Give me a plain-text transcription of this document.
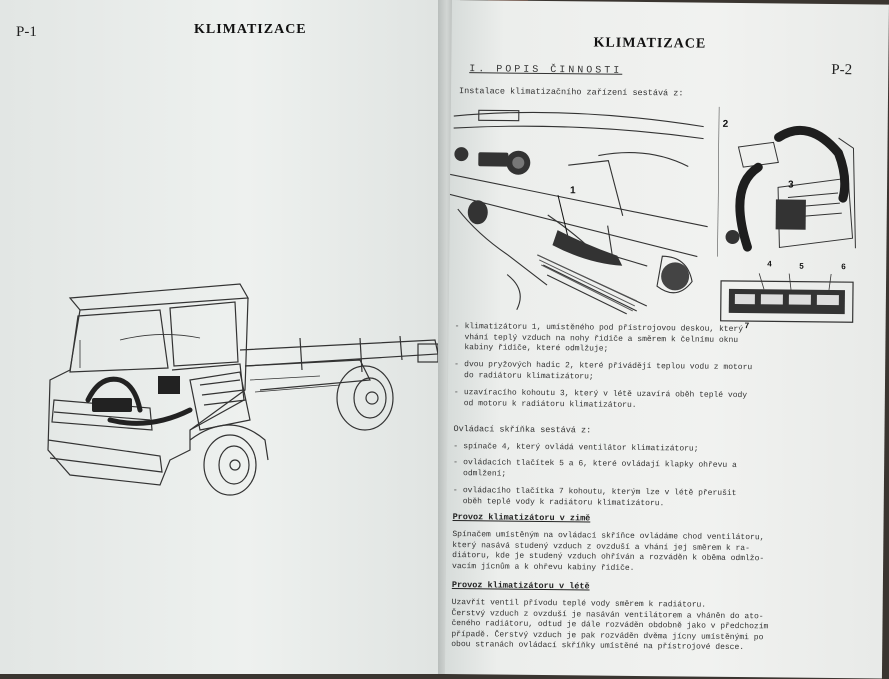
P-1	KLIMATIZACE
KLIMATIZACE
P-2
I. POPIS ČINNOSTI
Instalace klimatizačního zařízení sestává z:
1
2
3
4	5	6
7
- klimatizátoru 1, umístěného pod přístrojovou deskou, který
vhání teplý vzduch na nohy řidiče a směrem k čelnímu oknu
kabiny řidiče, které odmlžuje;
- dvou pryžových hadic 2, které přivádějí teplou vodu z motoru
do radiátoru klimatizátoru;
- uzavíracího kohoutu 3, který v létě uzavírá oběh teplé vody
od motoru k radiátoru klimatizátoru.
Ovládací skříňka sestává z:
- spínače 4, který ovládá ventilátor klimatizátoru;
- ovládacích tlačítek 5 a 6, které ovládají klapky ohřevu a
odmlžení;
- ovládacího tlačítka 7 kohoutu, kterým lze v létě přerušit
oběh teplé vody k radiátoru klimatizátoru.
Provoz klimatizátoru v zimě
Spínačem umístěným na ovládací skříňce ovládáme chod ventilátoru,
který nasává studený vzduch z ovzduší a vhání jej směrem k ra-
diátoru, kde je studený vzduch ohříván a rozváděn k oběma odmlžo-
vacím jícnům a k ohřevu kabiny řidiče.
Provoz klimatizátoru v létě
Uzavřít ventil přívodu teplé vody směrem k radiátoru.
Čerstvý vzduch z ovzduší je nasáván ventilátorem a vháněn do ato-
čeného radiátoru, odtud je dále rozváděn obdobně jako v předchozím
případě. Čerstvý vzduch je pak rozváděn dvěma jícny umístěnými po
obou stranách ovládací skříňky umístěné na přístrojové desce.
